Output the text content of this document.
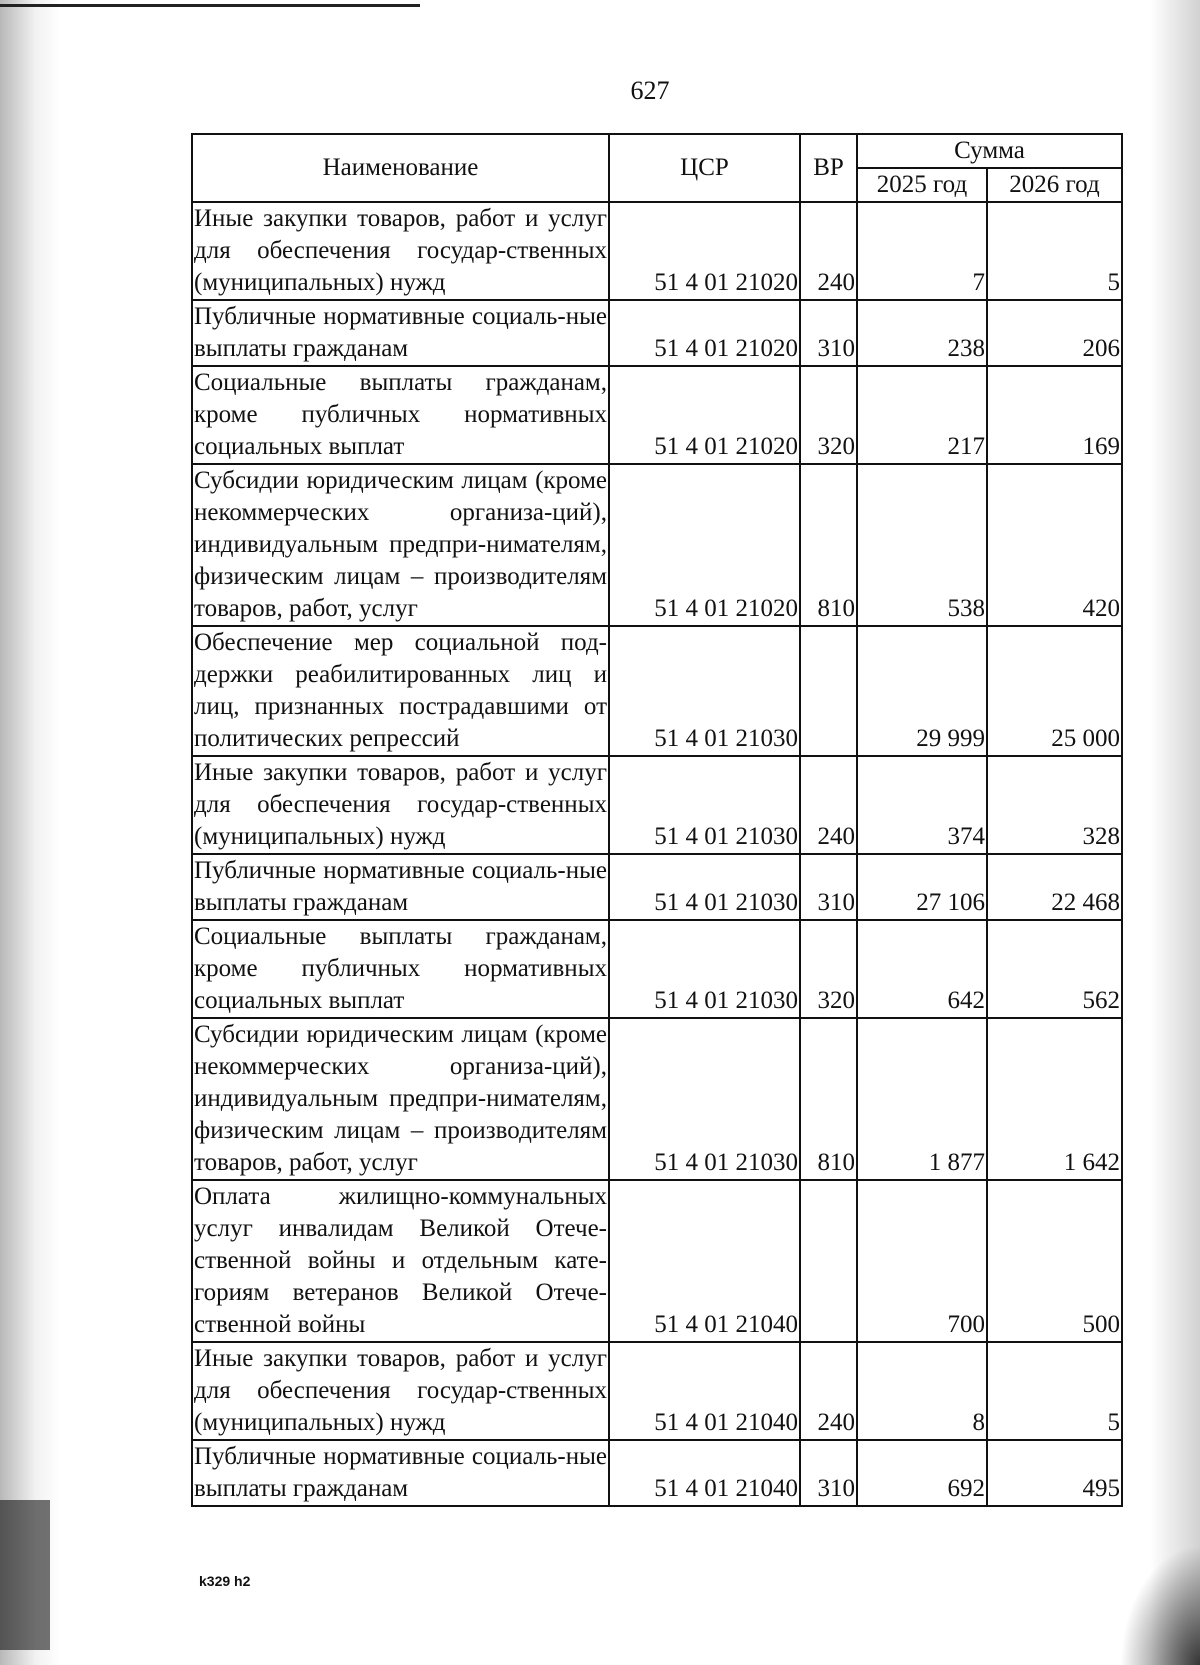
627
Наименование	ЦСР	ВР	Сумма	
			2025 год	2026 год
Иные закупки товаров, работ и услуг для обеспечения государ-ственных (муниципальных) нужд	51 4 01 21020	240	7	5
Публичные нормативные социаль-ные выплаты гражданам	51 4 01 21020	310	238	206
Социальные выплаты гражданам, кроме публичных нормативных социальных выплат	51 4 01 21020	320	217	169
Субсидии юридическим лицам (кроме некоммерческих организа-ций), индивидуальным предпри-нимателям, физическим лицам – производителям товаров, работ, услуг	51 4 01 21020	810	538	420
Обеспечение мер социальной под-держки реабилитированных лиц и лиц, признанных пострадавшими от политических репрессий	51 4 01 21030		29 999	25 000
Иные закупки товаров, работ и услуг для обеспечения государ-ственных (муниципальных) нужд	51 4 01 21030	240	374	328
Публичные нормативные социаль-ные выплаты гражданам	51 4 01 21030	310	27 106	22 468
Социальные выплаты гражданам, кроме публичных нормативных социальных выплат	51 4 01 21030	320	642	562
Субсидии юридическим лицам (кроме некоммерческих организа-ций), индивидуальным предпри-нимателям, физическим лицам – производителям товаров, работ, услуг	51 4 01 21030	810	1 877	1 642
Оплата жилищно-коммунальных услуг инвалидам Великой Отече-ственной войны и отдельным кате-гориям ветеранов Великой Отече-ственной войны	51 4 01 21040		700	500
Иные закупки товаров, работ и услуг для обеспечения государ-ственных (муниципальных) нужд	51 4 01 21040	240	8	5
Публичные нормативные социаль-ные выплаты гражданам	51 4 01 21040	310	692	495
k329 h2
